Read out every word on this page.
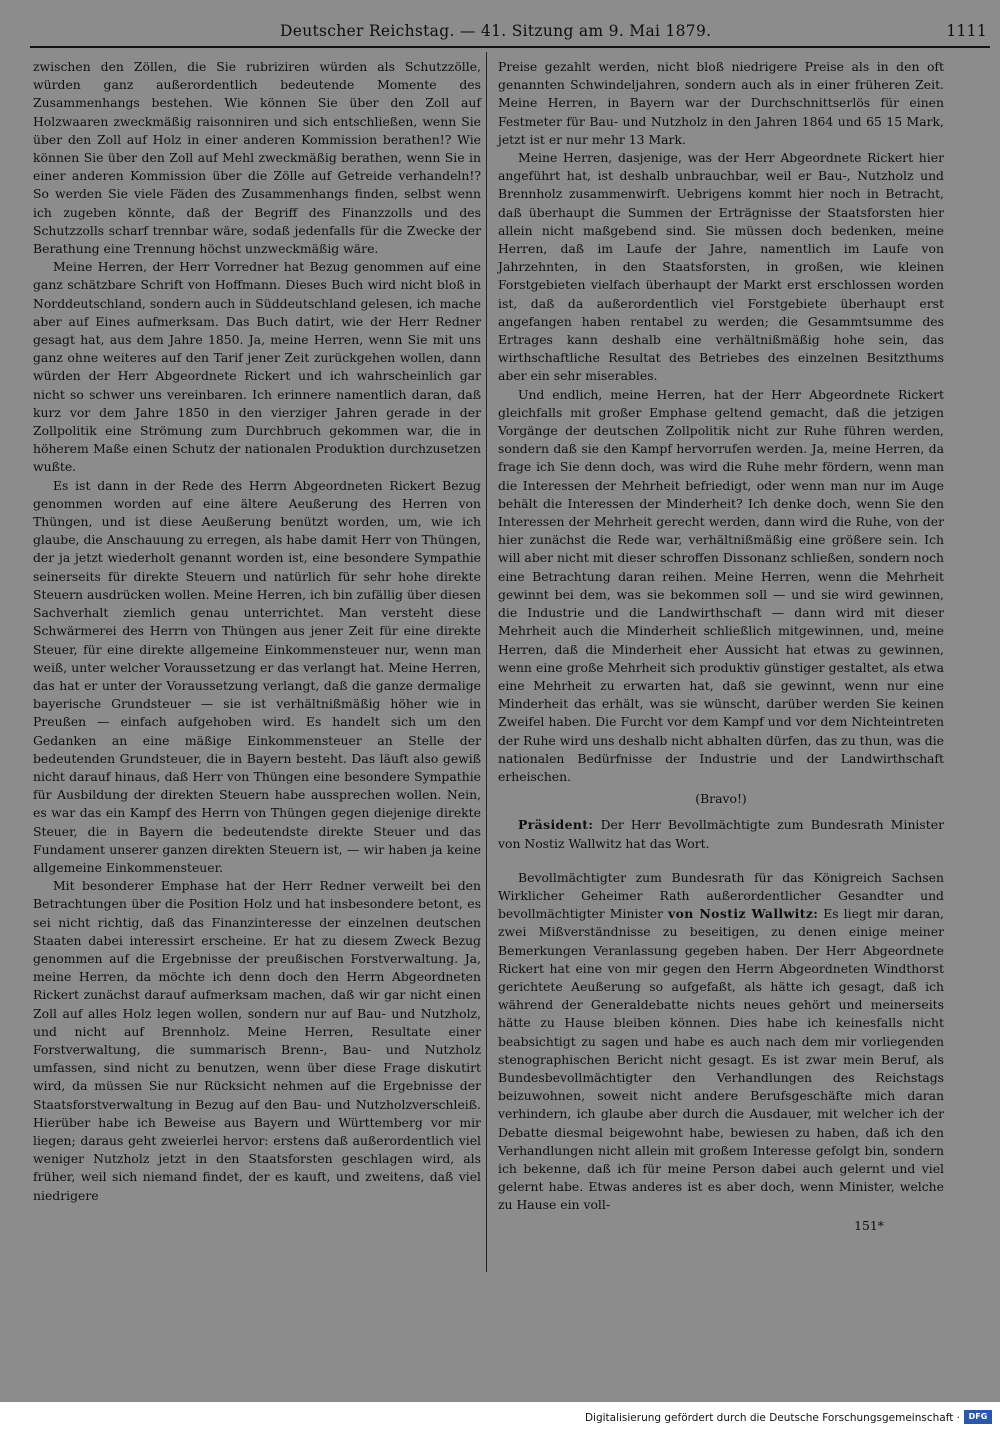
Deutscher Reichstag. — 41. Sitzung am 9. Mai 1879.	1111

zwischen den Zöllen, die Sie rubriziren würden als Schutzzölle, würden ganz außerordentlich bedeutende Momente des Zusammenhangs bestehen. Wie können Sie über den Zoll auf Holzwaaren zweckmäßig raisonniren und sich entschließen, wenn Sie über den Zoll auf Holz in einer anderen Kommission berathen!? Wie können Sie über den Zoll auf Mehl zweckmäßig berathen, wenn Sie in einer anderen Kommission über die Zölle auf Getreide verhandeln!? So werden Sie viele Fäden des Zusammenhangs finden, selbst wenn ich zugeben könnte, daß der Begriff des Finanzzolls und des Schutzzolls scharf trennbar wäre, sodaß jedenfalls für die Zwecke der Berathung eine Trennung höchst unzweckmäßig wäre.

Meine Herren, der Herr Vorredner hat Bezug genommen auf eine ganz schätzbare Schrift von Hoffmann. Dieses Buch wird nicht bloß in Norddeutschland, sondern auch in Süddeutschland gelesen, ich mache aber auf Eines aufmerksam. Das Buch datirt, wie der Herr Redner gesagt hat, aus dem Jahre 1850. Ja, meine Herren, wenn Sie mit uns ganz ohne weiteres auf den Tarif jener Zeit zurückgehen wollen, dann würden der Herr Abgeordnete Rickert und ich wahrscheinlich gar nicht so schwer uns vereinbaren. Ich erinnere namentlich daran, daß kurz vor dem Jahre 1850 in den vierziger Jahren gerade in der Zollpolitik eine Strömung zum Durchbruch gekommen war, die in höherem Maße einen Schutz der nationalen Produktion durchzusetzen wußte.

Es ist dann in der Rede des Herrn Abgeordneten Rickert Bezug genommen worden auf eine ältere Aeußerung des Herren von Thüngen, und ist diese Aeußerung benützt worden, um, wie ich glaube, die Anschauung zu erregen, als habe damit Herr von Thüngen, der ja jetzt wiederholt genannt worden ist, eine besondere Sympathie seinerseits für direkte Steuern und natürlich für sehr hohe direkte Steuern ausdrücken wollen. Meine Herren, ich bin zufällig über diesen Sachverhalt ziemlich genau unterrichtet. Man versteht diese Schwärmerei des Herrn von Thüngen aus jener Zeit für eine direkte Steuer, für eine direkte allgemeine Einkommensteuer nur, wenn man weiß, unter welcher Voraussetzung er das verlangt hat. Meine Herren, das hat er unter der Voraussetzung verlangt, daß die ganze dermalige bayerische Grundsteuer — sie ist verhältnißmäßig höher wie in Preußen — einfach aufgehoben wird. Es handelt sich um den Gedanken an eine mäßige Einkommensteuer an Stelle der bedeutenden Grundsteuer, die in Bayern besteht. Das läuft also gewiß nicht darauf hinaus, daß Herr von Thüngen eine besondere Sympathie für Ausbildung der direkten Steuern habe aussprechen wollen. Nein, es war das ein Kampf des Herrn von Thüngen gegen diejenige direkte Steuer, die in Bayern die bedeutendste direkte Steuer und das Fundament unserer ganzen direkten Steuern ist, — wir haben ja keine allgemeine Einkommensteuer.

Mit besonderer Emphase hat der Herr Redner verweilt bei den Betrachtungen über die Position Holz und hat insbesondere betont, es sei nicht richtig, daß das Finanzinteresse der einzelnen deutschen Staaten dabei interessirt erscheine. Er hat zu diesem Zweck Bezug genommen auf die Ergebnisse der preußischen Forstverwaltung. Ja, meine Herren, da möchte ich denn doch den Herrn Abgeordneten Rickert zunächst darauf aufmerksam machen, daß wir gar nicht einen Zoll auf alles Holz legen wollen, sondern nur auf Bau- und Nutzholz, und nicht auf Brennholz. Meine Herren, Resultate einer Forstverwaltung, die summarisch Brenn-, Bau- und Nutzholz umfassen, sind nicht zu benutzen, wenn über diese Frage diskutirt wird, da müssen Sie nur Rücksicht nehmen auf die Ergebnisse der Staatsforstverwaltung in Bezug auf den Bau- und Nutzholzverschleiß. Hierüber habe ich Beweise aus Bayern und Württemberg vor mir liegen; daraus geht zweierlei hervor: erstens daß außerordentlich viel weniger Nutzholz jetzt in den Staatsforsten geschlagen wird, als früher, weil sich niemand findet, der es kauft, und zweitens, daß viel niedrigere

Preise gezahlt werden, nicht bloß niedrigere Preise als in den oft genannten Schwindeljahren, sondern auch als in einer früheren Zeit. Meine Herren, in Bayern war der Durchschnittserlös für einen Festmeter für Bau- und Nutzholz in den Jahren 1864 und 65 15 Mark, jetzt ist er nur mehr 13 Mark.

Meine Herren, dasjenige, was der Herr Abgeordnete Rickert hier angeführt hat, ist deshalb unbrauchbar, weil er Bau-, Nutzholz und Brennholz zusammenwirft. Uebrigens kommt hier noch in Betracht, daß überhaupt die Summen der Erträgnisse der Staatsforsten hier allein nicht maßgebend sind. Sie müssen doch bedenken, meine Herren, daß im Laufe der Jahre, namentlich im Laufe von Jahrzehnten, in den Staatsforsten, in großen, wie kleinen Forstgebieten vielfach überhaupt der Markt erst erschlossen worden ist, daß da außerordentlich viel Forstgebiete überhaupt erst angefangen haben rentabel zu werden; die Gesammtsumme des Ertrages kann deshalb eine verhältnißmäßig hohe sein, das wirthschaftliche Resultat des Betriebes des einzelnen Besitzthums aber ein sehr miserables.

Und endlich, meine Herren, hat der Herr Abgeordnete Rickert gleichfalls mit großer Emphase geltend gemacht, daß die jetzigen Vorgänge der deutschen Zollpolitik nicht zur Ruhe führen werden, sondern daß sie den Kampf hervorrufen werden. Ja, meine Herren, da frage ich Sie denn doch, was wird die Ruhe mehr fördern, wenn man die Interessen der Mehrheit befriedigt, oder wenn man nur im Auge behält die Interessen der Minderheit? Ich denke doch, wenn Sie den Interessen der Mehrheit gerecht werden, dann wird die Ruhe, von der hier zunächst die Rede war, verhältnißmäßig eine größere sein. Ich will aber nicht mit dieser schroffen Dissonanz schließen, sondern noch eine Betrachtung daran reihen. Meine Herren, wenn die Mehrheit gewinnt bei dem, was sie bekommen soll — und sie wird gewinnen, die Industrie und die Landwirthschaft — dann wird mit dieser Mehrheit auch die Minderheit schließlich mitgewinnen, und, meine Herren, daß die Minderheit eher Aussicht hat etwas zu gewinnen, wenn eine große Mehrheit sich produktiv günstiger gestaltet, als etwa eine Mehrheit zu erwarten hat, daß sie gewinnt, wenn nur eine Minderheit das erhält, was sie wünscht, darüber werden Sie keinen Zweifel haben. Die Furcht vor dem Kampf und vor dem Nichteintreten der Ruhe wird uns deshalb nicht abhalten dürfen, das zu thun, was die nationalen Bedürfnisse der Industrie und der Landwirthschaft erheischen.

(Bravo!)

Präsident: Der Herr Bevollmächtigte zum Bundesrath Minister von Nostiz Wallwitz hat das Wort.

Bevollmächtigter zum Bundesrath für das Königreich Sachsen Wirklicher Geheimer Rath außerordentlicher Gesandter und bevollmächtigter Minister von Nostiz Wallwitz: Es liegt mir daran, zwei Mißverständnisse zu beseitigen, zu denen einige meiner Bemerkungen Veranlassung gegeben haben. Der Herr Abgeordnete Rickert hat eine von mir gegen den Herrn Abgeordneten Windthorst gerichtete Aeußerung so aufgefaßt, als hätte ich gesagt, daß ich während der Generaldebatte nichts neues gehört und meinerseits hätte zu Hause bleiben können. Dies habe ich keinesfalls nicht beabsichtigt zu sagen und habe es auch nach dem mir vorliegenden stenographischen Bericht nicht gesagt. Es ist zwar mein Beruf, als Bundesbevollmächtigter den Verhandlungen des Reichstags beizuwohnen, soweit nicht andere Berufsgeschäfte mich daran verhindern, ich glaube aber durch die Ausdauer, mit welcher ich der Debatte diesmal beigewohnt habe, bewiesen zu haben, daß ich den Verhandlungen nicht allein mit großem Interesse gefolgt bin, sondern ich bekenne, daß ich für meine Person dabei auch gelernt und viel gelernt habe. Etwas anderes ist es aber doch, wenn Minister, welche zu Hause ein voll-

151*
Digitalisierung gefördert durch die Deutsche Forschungsgemeinschaft ·	DFG
